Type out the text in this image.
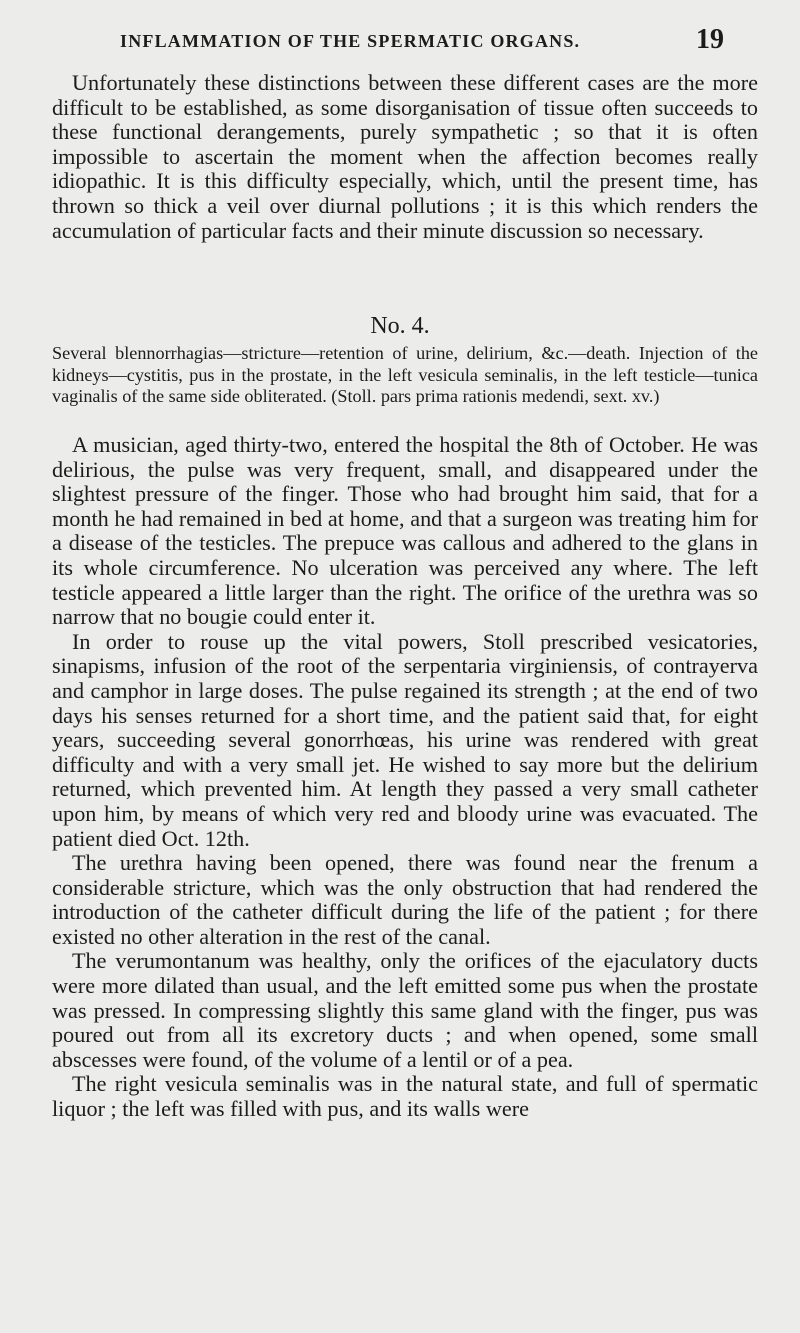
INFLAMMATION OF THE SPERMATIC ORGANS.	19

Unfortunately these distinctions between these different cases are the more difficult to be established, as some disorganisation of tissue often succeeds to these functional derangements, purely sympathetic ; so that it is often impossible to ascertain the moment when the affection becomes really idiopathic. It is this difficulty especially, which, until the present time, has thrown so thick a veil over diurnal pollutions ; it is this which renders the accumulation of particular facts and their minute discussion so necessary.

No. 4.

Several blennorrhagias—stricture—retention of urine, delirium, &c.—death. Injection of the kidneys—cystitis, pus in the prostate, in the left vesicula seminalis, in the left testicle—tunica vaginalis of the same side obliterated. (Stoll. pars prima rationis medendi, sext. xv.)

A musician, aged thirty-two, entered the hospital the 8th of October. He was delirious, the pulse was very frequent, small, and disappeared under the slightest pressure of the finger. Those who had brought him said, that for a month he had remained in bed at home, and that a surgeon was treating him for a disease of the testicles. The prepuce was callous and adhered to the glans in its whole circumference. No ulceration was perceived any where. The left testicle appeared a little larger than the right. The orifice of the urethra was so narrow that no bougie could enter it.

In order to rouse up the vital powers, Stoll prescribed vesicatories, sinapisms, infusion of the root of the serpentaria virginiensis, of contrayerva and camphor in large doses. The pulse regained its strength ; at the end of two days his senses returned for a short time, and the patient said that, for eight years, succeeding several gonorrhœas, his urine was rendered with great difficulty and with a very small jet. He wished to say more but the delirium returned, which prevented him. At length they passed a very small catheter upon him, by means of which very red and bloody urine was evacuated. The patient died Oct. 12th.

The urethra having been opened, there was found near the frenum a considerable stricture, which was the only obstruction that had rendered the introduction of the catheter difficult during the life of the patient ; for there existed no other alteration in the rest of the canal.

The verumontanum was healthy, only the orifices of the ejaculatory ducts were more dilated than usual, and the left emitted some pus when the prostate was pressed. In compressing slightly this same gland with the finger, pus was poured out from all its excretory ducts ; and when opened, some small abscesses were found, of the volume of a lentil or of a pea.

The right vesicula seminalis was in the natural state, and full of spermatic liquor ; the left was filled with pus, and its walls were
